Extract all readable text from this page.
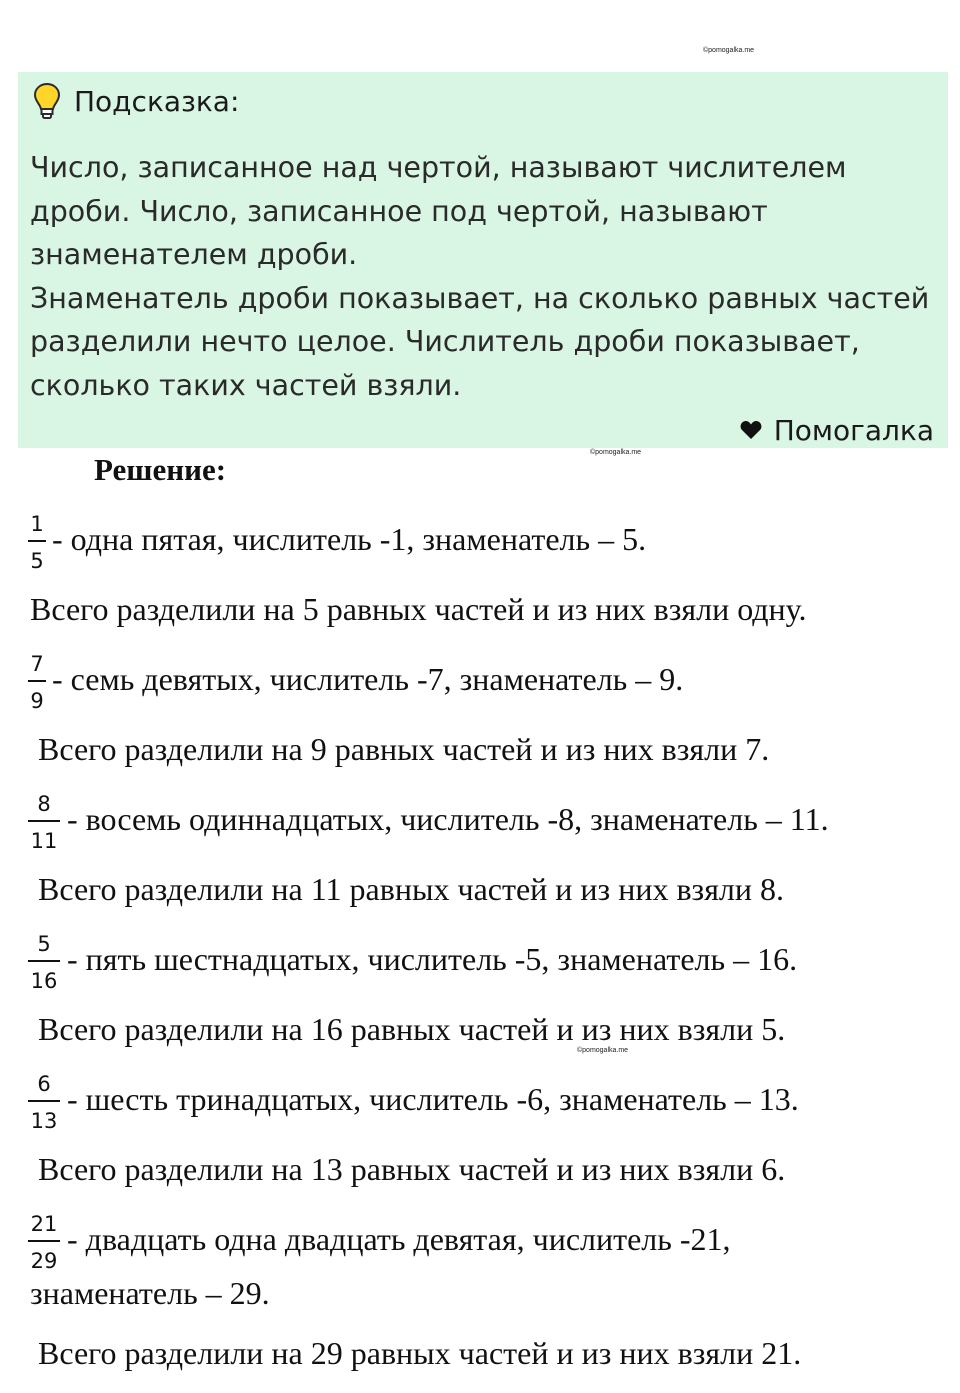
©pomogalka.me
Подсказка:

Число, записанное над чертой, называют числителем

дроби. Число, записанное под чертой, называют

знаменателем дроби.

Знаменатель дроби показывает, на сколько равных частей

разделили нечто целое. Числитель дроби показывает,

сколько таких частей взяли.

Помогалка
©pomogalka.me
Решение:
1
5
- одна пятая, числитель -1, знаменатель – 5.
Всего разделили на 5 равных частей и из них взяли одну.
7
9
- семь девятых, числитель -7, знаменатель – 9.
Всего разделили на 9 равных частей и из них взяли 7.
8
11
- восемь одиннадцатых, числитель -8, знаменатель – 11.
Всего разделили на 11 равных частей и из них взяли 8.
5
16
- пять шестнадцатых, числитель -5, знаменатель – 16.
Всего разделили на 16 равных частей и из них взяли 5.
©pomogalka.me
6
13
- шесть тринадцатых, числитель -6, знаменатель – 13.
Всего разделили на 13 равных частей и из них взяли 6.
21
29
- двадцать одна двадцать девятая, числитель -21,
знаменатель – 29.
Всего разделили на 29 равных частей и из них взяли 21.
